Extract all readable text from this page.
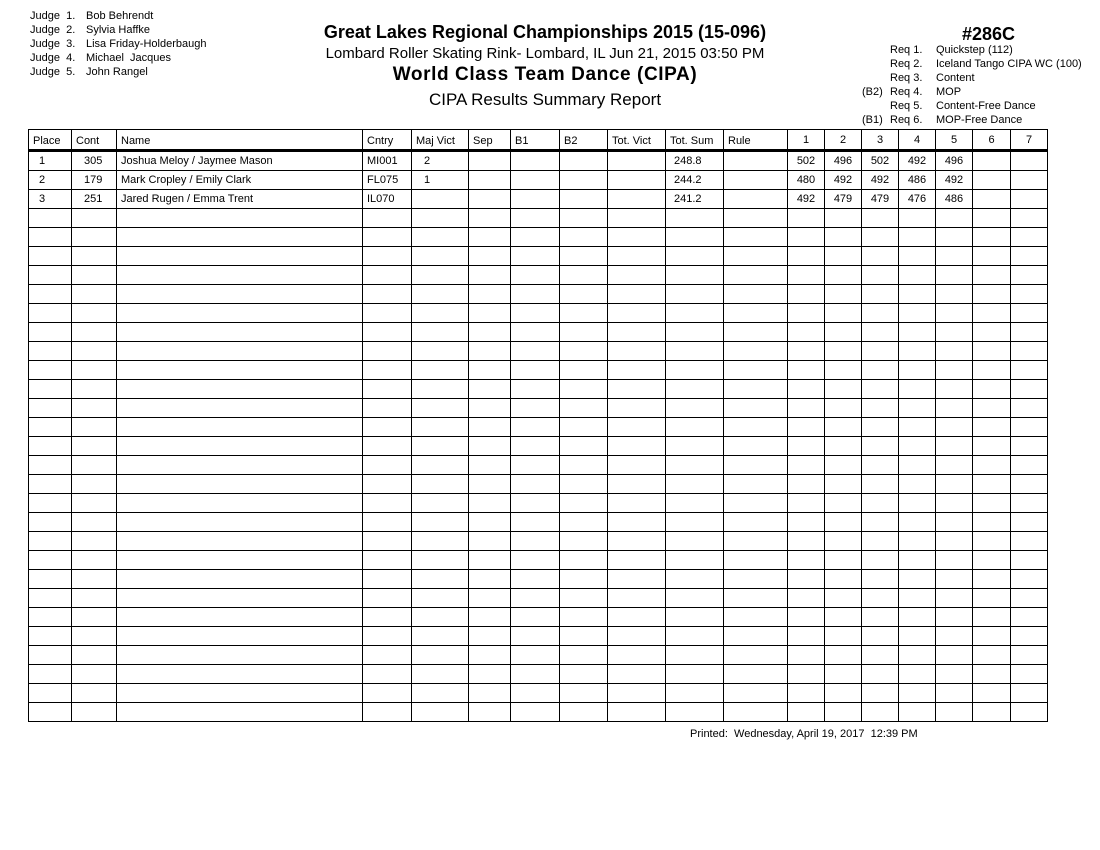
Judge  1. Bob Behrendt
Judge  2. Sylvia Haffke
Judge  3. Lisa Friday-Holderbaugh
Judge  4. Michael  Jacques
Judge  5. John Rangel
Great Lakes Regional Championships 2015 (15-096)
Lombard Roller Skating Rink- Lombard, IL Jun 21, 2015 03:50 PM
World Class Team Dance (CIPA)
CIPA Results Summary Report
#286C
Req 1. Quickstep (112)
Req 2. Iceland Tango CIPA WC (100)
Req 3. Content
(B2) Req 4. MOP
Req 5. Content-Free Dance
(B1) Req 6. MOP-Free Dance
Place	Cont	Name	Cntry	Maj Vict	Sep	B1	B2	Tot. Vict	Tot. Sum	Rule	1	2	3	4	5	6	7
1	305	Joshua Meloy / Jaymee Mason	MI001	2					248.8		502	496	502	492	496		
2	179	Mark Cropley / Emily Clark	FL075	1					244.2		480	492	492	486	492		
3	251	Jared Rugen / Emma Trent	IL070						241.2		492	479	479	476	486		

Printed:  Wednesday, April 19, 2017  12:39 PM
